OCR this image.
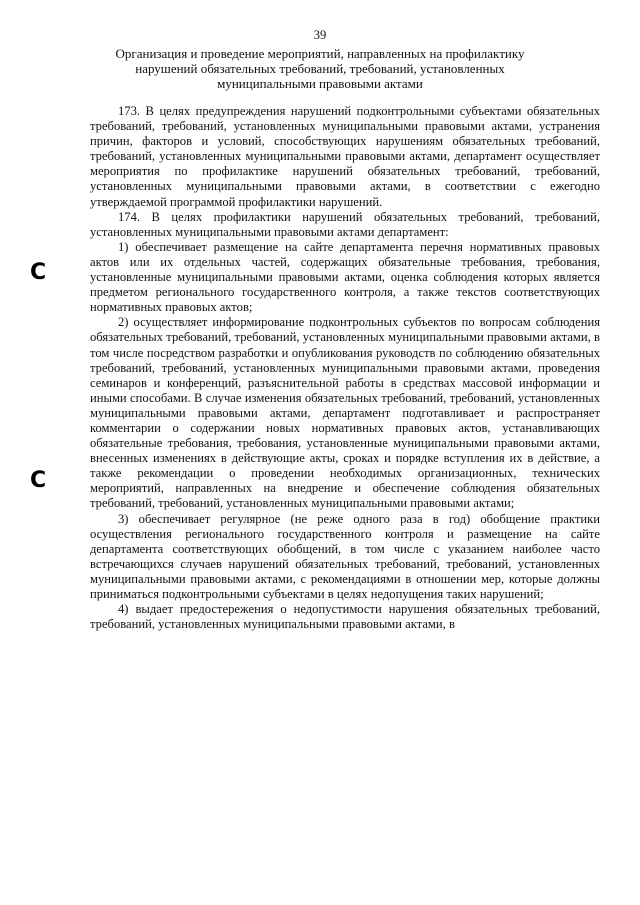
39
Организация и проведение мероприятий, направленных на профилактику
нарушений обязательных требований, требований, установленных
муниципальными правовыми актами

173. В целях предупреждения нарушений подконтрольными субъектами обязательных требований, требований, установленных муниципальными правовыми актами, устранения причин, факторов и условий, способствующих нарушениям обязательных требований, требований, установленных муниципальными правовыми актами, департамент осуществляет мероприятия по профилактике нарушений обязательных требований, требований, установленных муниципальными правовыми актами, в соответствии с ежегодно утверждаемой программой профилактики нарушений.

174. В целях профилактики нарушений обязательных требований, требований, установленных муниципальными правовыми актами департамент:

1) обеспечивает размещение на сайте департамента перечня нормативных правовых актов или их отдельных частей, содержащих обязательные требования, требования, установленные муниципальными правовыми актами, оценка соблюдения которых является предметом регионального государственного контроля, а также текстов соответствующих нормативных правовых актов;

2) осуществляет информирование подконтрольных субъектов по вопросам соблюдения обязательных требований, требований, установленных муниципальными правовыми актами, в том числе посредством разработки и опубликования руководств по соблюдению обязательных требований, требований, установленных муниципальными правовыми актами, проведения семинаров и конференций, разъяснительной работы в средствах массовой информации и иными способами. В случае изменения обязательных требований, требований, установленных муниципальными правовыми актами, департамент подготавливает и распространяет комментарии о содержании новых нормативных правовых актов, устанавливающих обязательные требования, требования, установленные муниципальными правовыми актами, внесенных изменениях в действующие акты, сроках и порядке вступления их в действие, а также рекомендации о проведении необходимых организационных, технических мероприятий, направленных на внедрение и обеспечение соблюдения обязательных требований, требований, установленных муниципальными правовыми актами;

3) обеспечивает регулярное (не реже одного раза в год) обобщение практики осуществления регионального государственного контроля и размещение на сайте департамента соответствующих обобщений, в том числе с указанием наиболее часто встречающихся случаев нарушений обязательных требований, требований, установленных муниципальными правовыми актами, с рекомендациями в отношении мер, которые должны приниматься подконтрольными субъектами в целях недопущения таких нарушений;

4) выдает предостережения о недопустимости нарушения обязательных требований, требований, установленных муниципальными правовыми актами, в

C
C
